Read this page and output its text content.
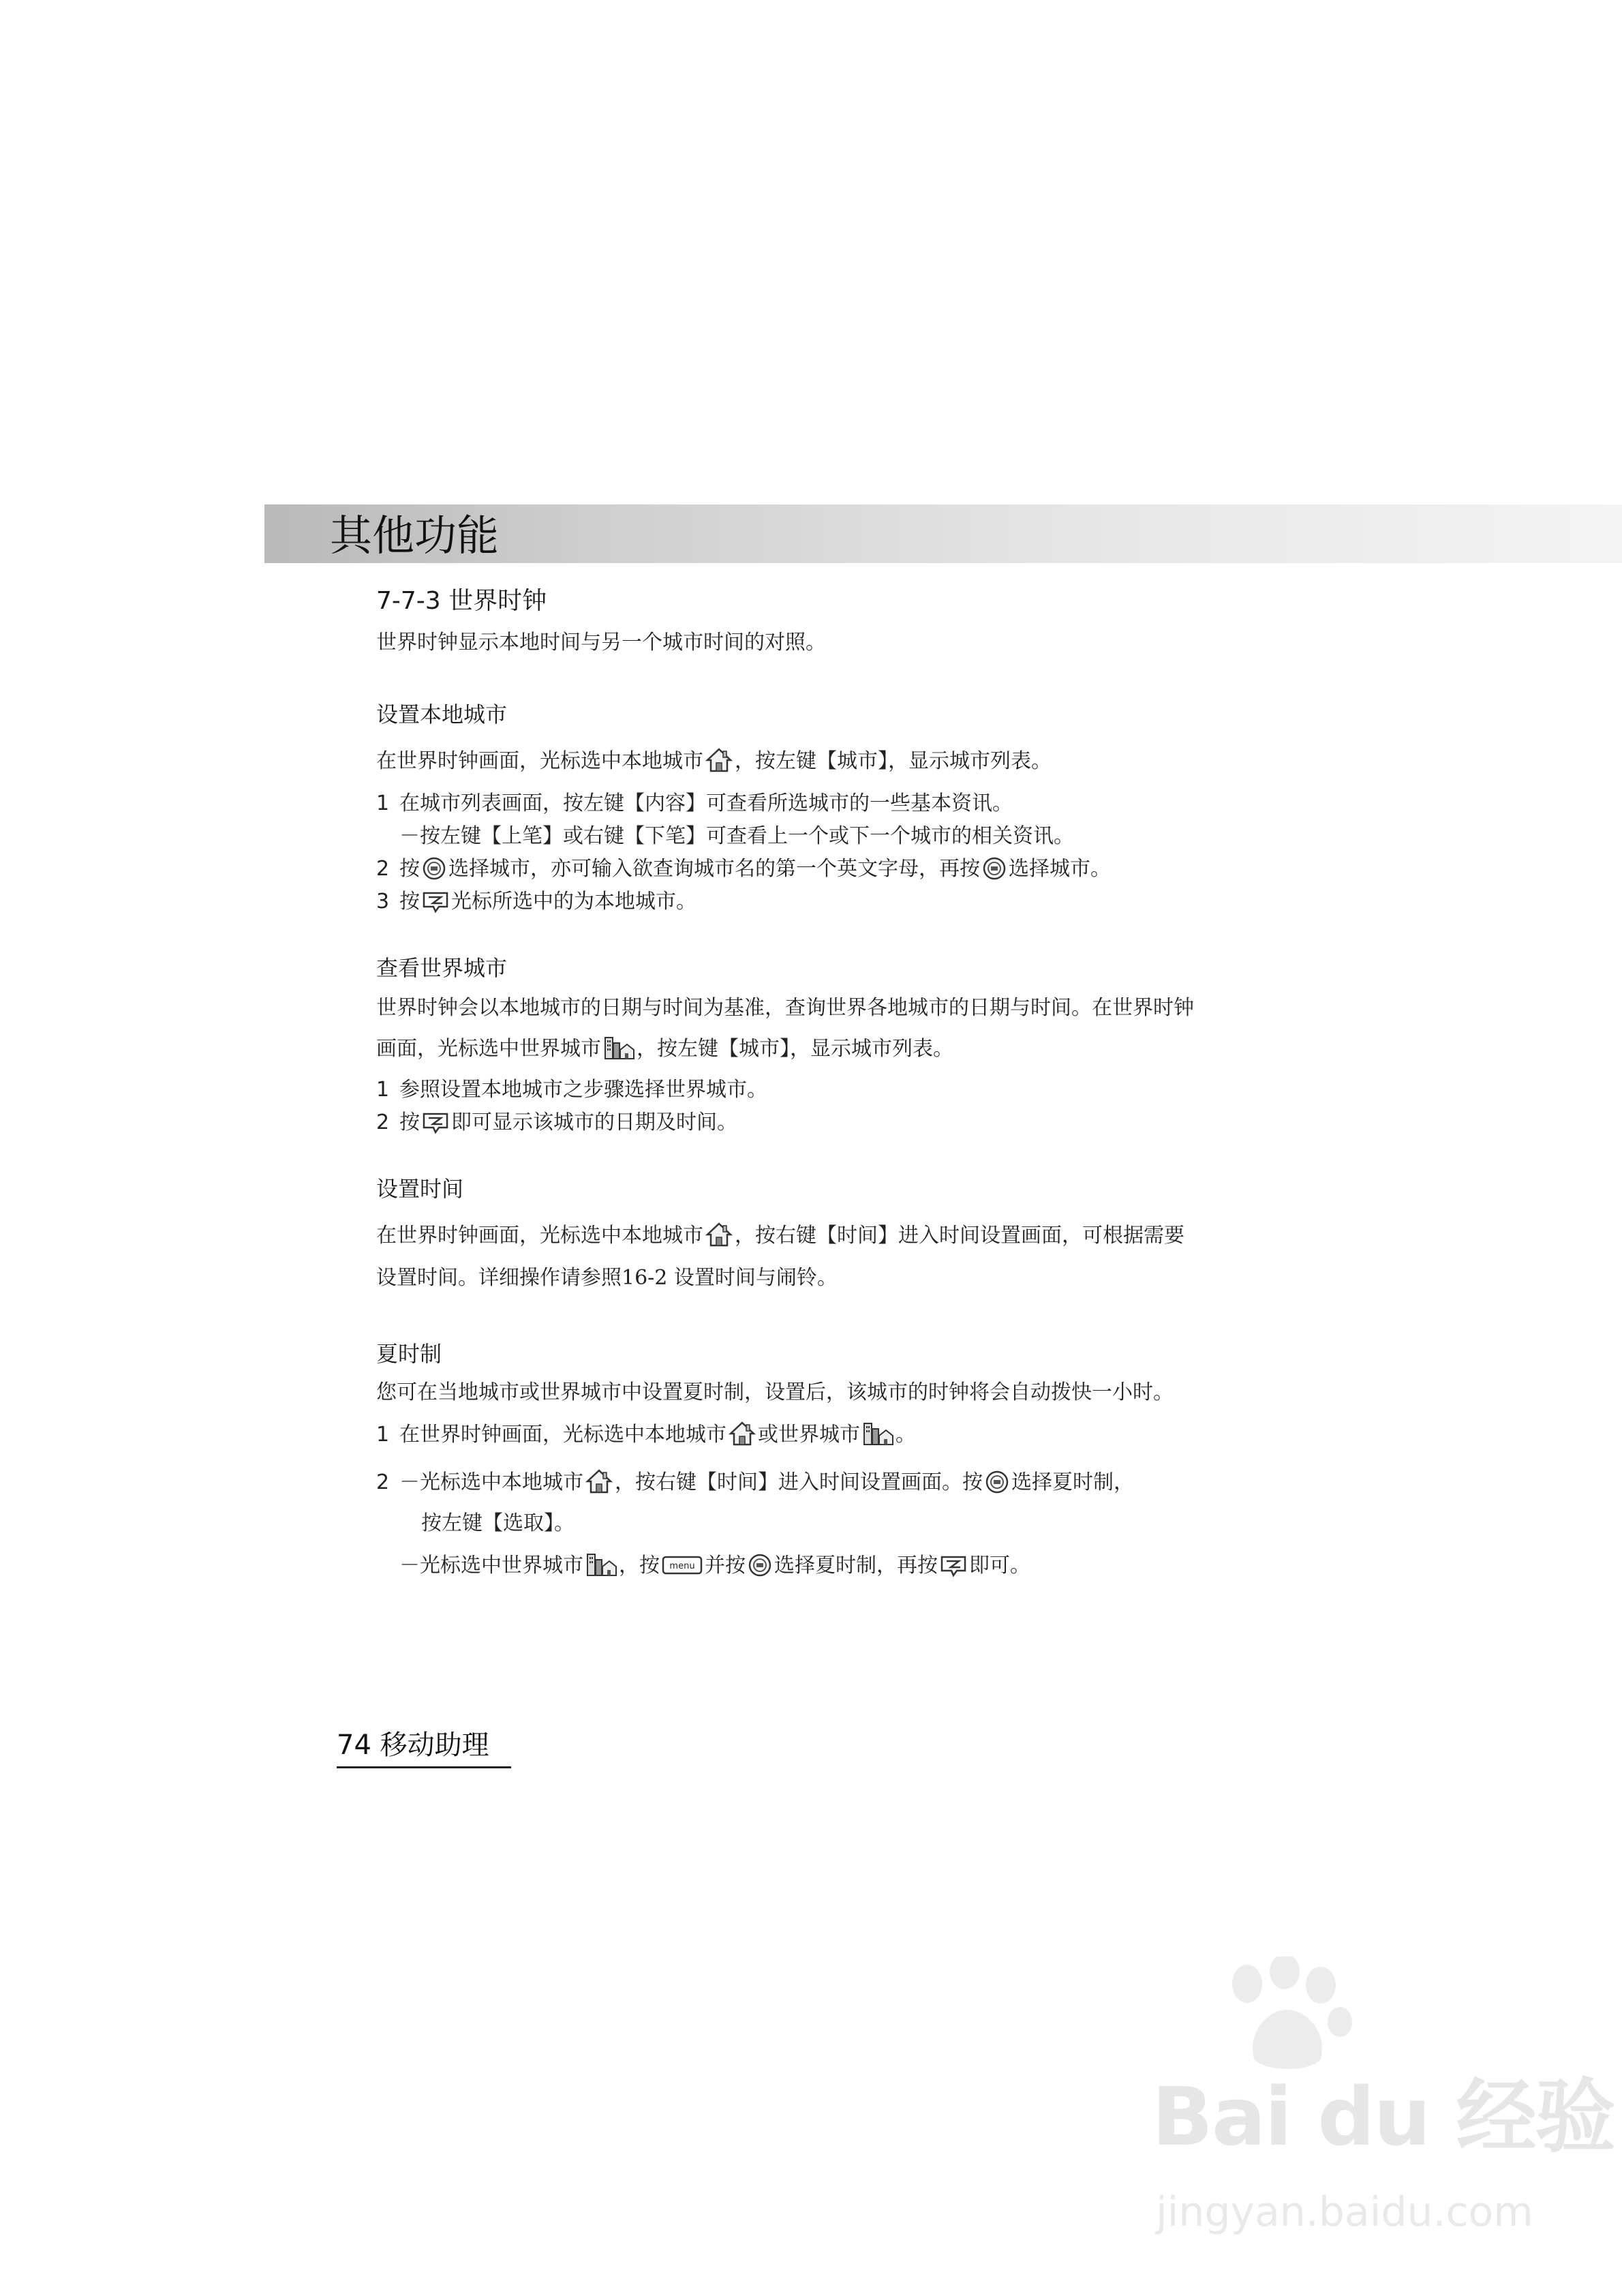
其他功能
7-7-3 世界时钟
世界时钟显示本地时间与另一个城市时间的对照。
设置本地城市
在世界时钟画面，光标选中本地城市 ，按左键【城市】，显示城市列表。
1 在城市列表画面，按左键【内容】可查看所选城市的一些基本资讯。
－按左键【上笔】或右键【下笔】可查看上一个或下一个城市的相关资讯。
2 按 选择城市，亦可输入欲查询城市名的第一个英文字母，再按 选择城市。
3 按 光标所选中的为本地城市。
查看世界城市
世界时钟会以本地城市的日期与时间为基准，查询世界各地城市的日期与时间。在世界时钟
画面，光标选中世界城市 ，按左键【城市】，显示城市列表。
1 参照设置本地城市之步骤选择世界城市。
2 按 即可显示该城市的日期及时间。
设置时间
在世界时钟画面，光标选中本地城市 ，按右键【时间】进入时间设置画面，可根据需要
设置时间。详细操作请参照16-2 设置时间与闹铃。
夏时制
您可在当地城市或世界城市中设置夏时制，设置后，该城市的时钟将会自动拨快一小时。
1 在世界时钟画面，光标选中本地城市 或世界城市 。
2 －光标选中本地城市 ，按右键【时间】进入时间设置画面。按 选择夏时制，
按左键【选取】。
－光标选中世界城市 ，按 menu 并按 选择夏时制，再按 即可。
74 移动助理
Bai du 经验
jingyan.baidu.com
